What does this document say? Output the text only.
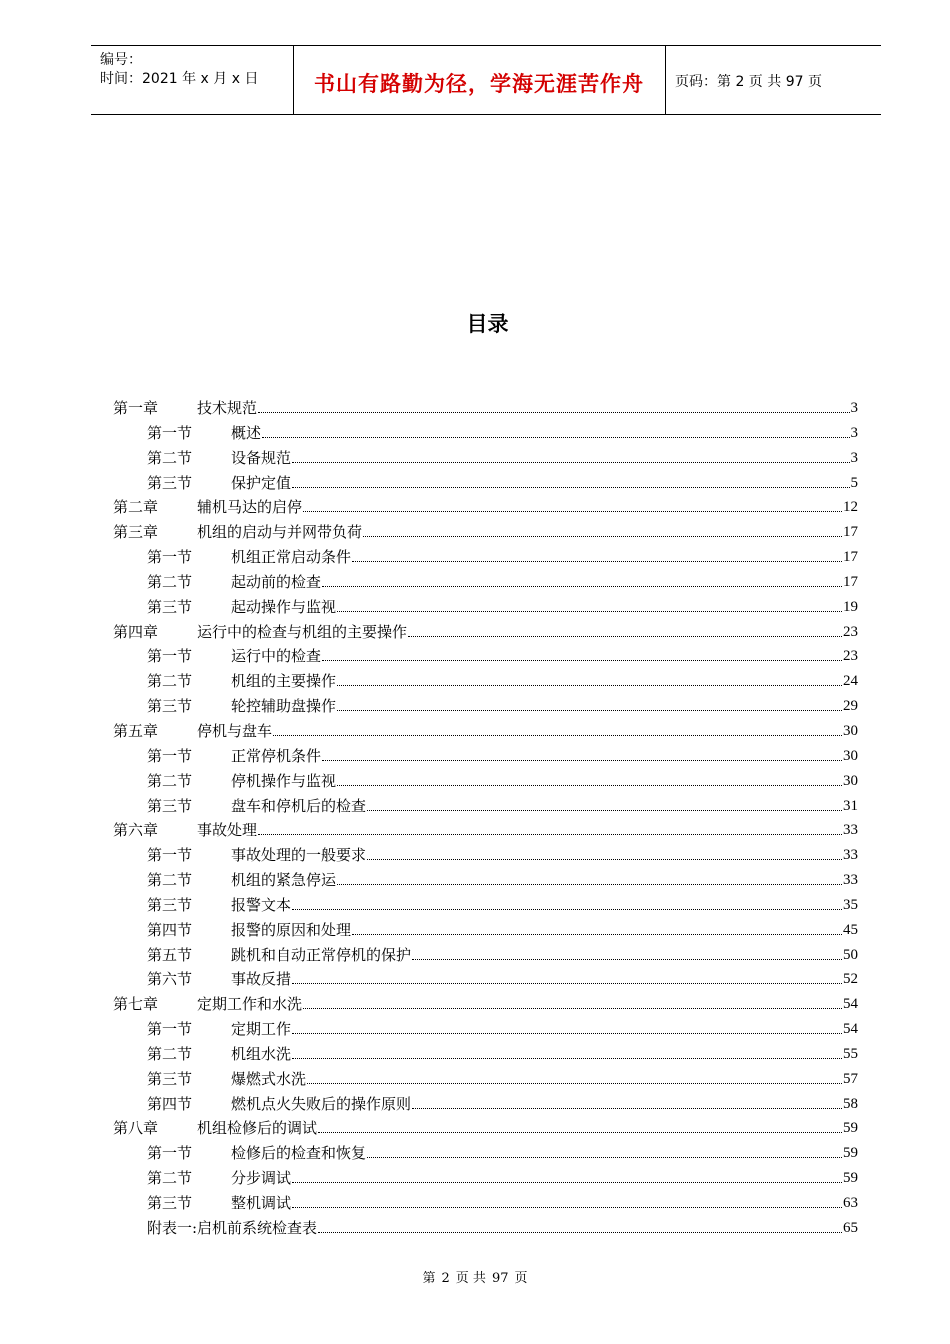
编号：
时间：2021 年 x 月 x 日	书山有路勤为径，学海无涯苦作舟	页码：第 2 页 共 97 页
目录
第一章	技术规范	3
第一节	概述	3
第二节	设备规范	3
第三节	保护定值	5
第二章	辅机马达的启停	12
第三章	机组的启动与并网带负荷	17
第一节	机组正常启动条件	17
第二节	起动前的检查	17
第三节	起动操作与监视	19
第四章	运行中的检查与机组的主要操作	23
第一节	运行中的检查	23
第二节	机组的主要操作	24
第三节	轮控辅助盘操作	29
第五章	停机与盘车	30
第一节	正常停机条件	30
第二节	停机操作与监视	30
第三节	盘车和停机后的检查	31
第六章	事故处理	33
第一节	事故处理的一般要求	33
第二节	机组的紧急停运	33
第三节	报警文本	35
第四节	报警的原因和处理	45
第五节	跳机和自动正常停机的保护	50
第六节	事故反措	52
第七章	定期工作和水洗	54
第一节	定期工作	54
第二节	机组水洗	55
第三节	爆燃式水洗	57
第四节	燃机点火失败后的操作原则	58
第八章	机组检修后的调试	59
第一节	检修后的检查和恢复	59
第二节	分步调试	59
第三节	整机调试	63
附表一:启机前系统检查表	65
第 2 页 共 97 页
